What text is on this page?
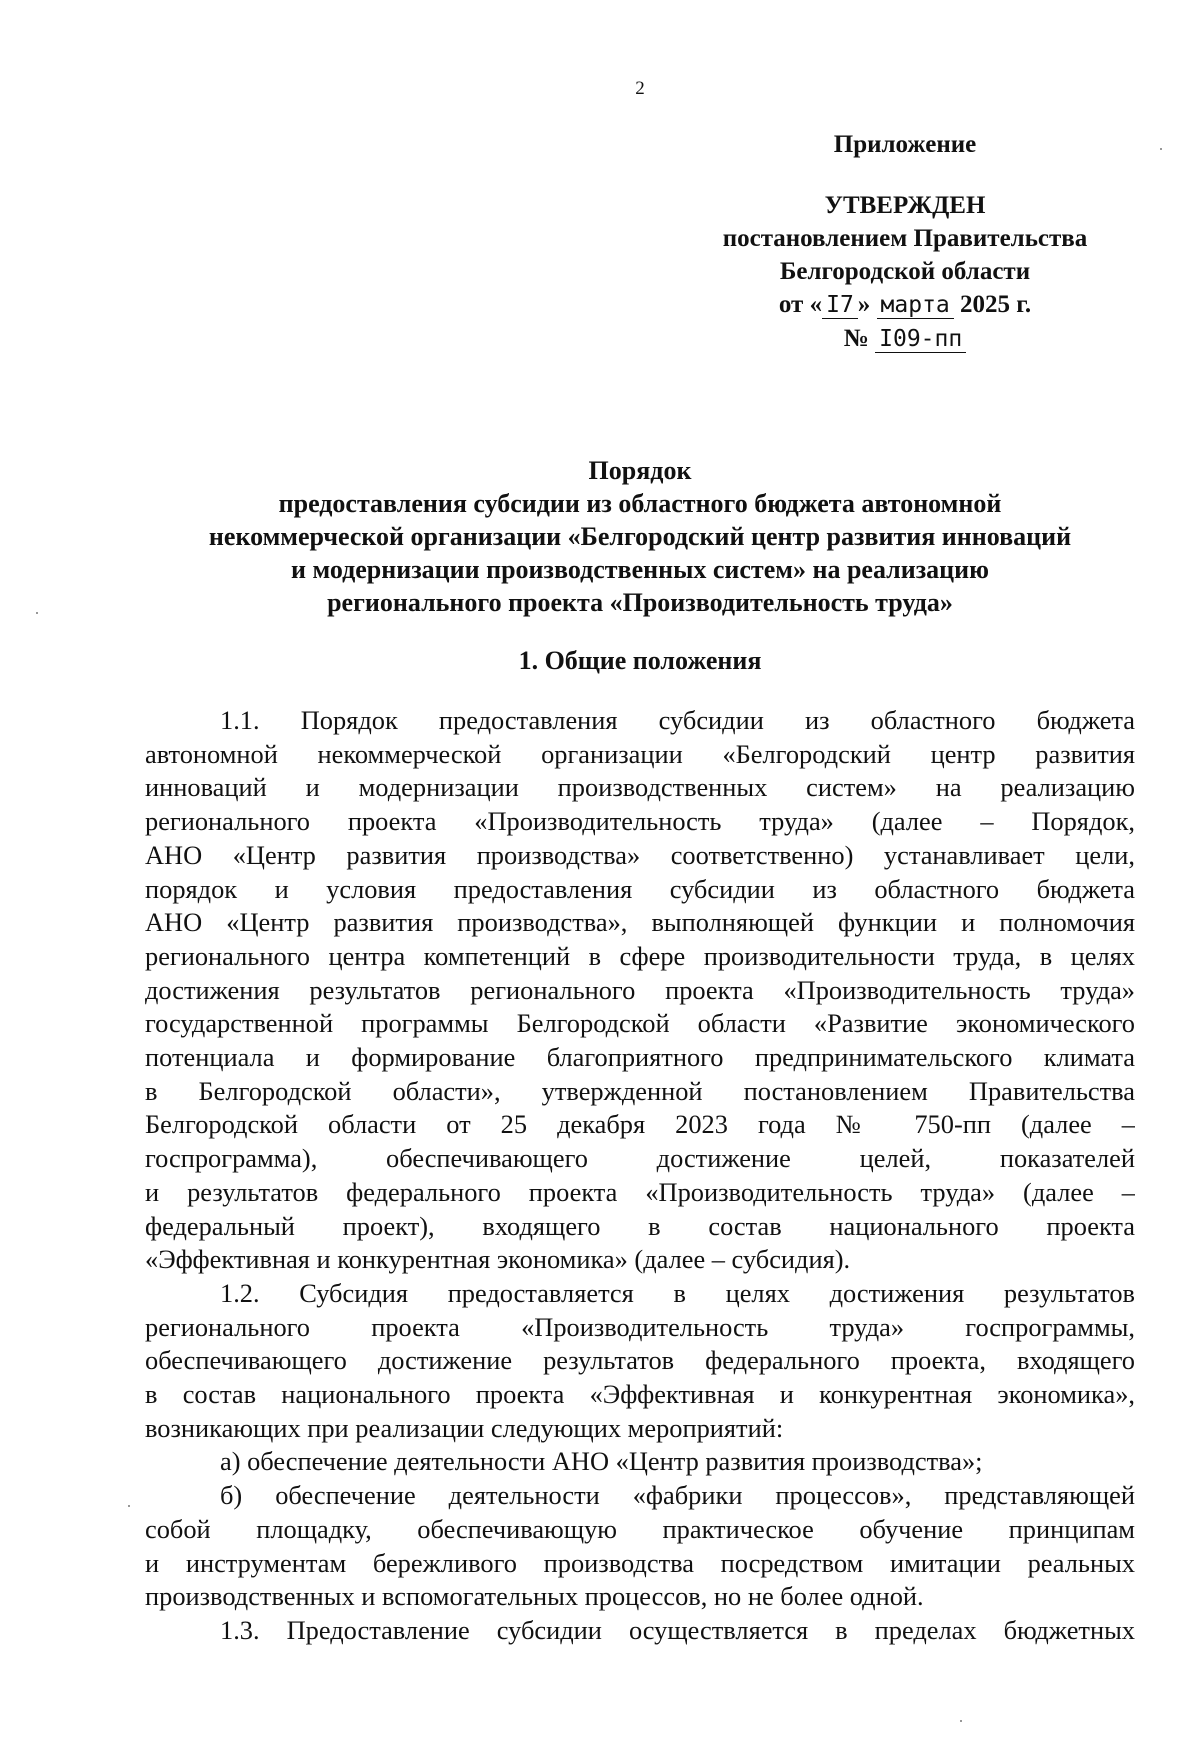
2
Приложение
УТВЕРЖДЕН
постановлением Правительства
Белгородской области
от « I7 » марта 2025 г.
№ I09-пп
Порядок
предоставления субсидии из областного бюджета автономной
некоммерческой организации «Белгородский центр развития инноваций
и модернизации производственных систем» на реализацию
регионального проекта «Производительность труда»
1. Общие положения
1.1. Порядок предоставления субсидии из областного бюджета
автономной некоммерческой организации «Белгородский центр развития
инноваций и модернизации производственных систем» на реализацию
регионального проекта «Производительность труда» (далее – Порядок,
АНО «Центр развития производства» соответственно) устанавливает цели,
порядок и условия предоставления субсидии из областного бюджета
АНО «Центр развития производства», выполняющей функции и полномочия
регионального центра компетенций в сфере производительности труда, в целях
достижения результатов регионального проекта «Производительность труда»
государственной программы Белгородской области «Развитие экономического
потенциала и формирование благоприятного предпринимательского климата
в Белгородской области», утвержденной постановлением Правительства
Белгородской области от 25 декабря 2023 года № 750-пп (далее –
госпрограмма), обеспечивающего достижение целей, показателей
и результатов федерального проекта «Производительность труда» (далее –
федеральный проект), входящего в состав национального проекта
«Эффективная и конкурентная экономика» (далее – субсидия).
1.2. Субсидия предоставляется в целях достижения результатов
регионального проекта «Производительность труда» госпрограммы,
обеспечивающего достижение результатов федерального проекта, входящего
в состав национального проекта «Эффективная и конкурентная экономика»,
возникающих при реализации следующих мероприятий:
а) обеспечение деятельности АНО «Центр развития производства»;
б) обеспечение деятельности «фабрики процессов», представляющей
собой площадку, обеспечивающую практическое обучение принципам
и инструментам бережливого производства посредством имитации реальных
производственных и вспомогательных процессов, но не более одной.
1.3. Предоставление субсидии осуществляется в пределах бюджетных
